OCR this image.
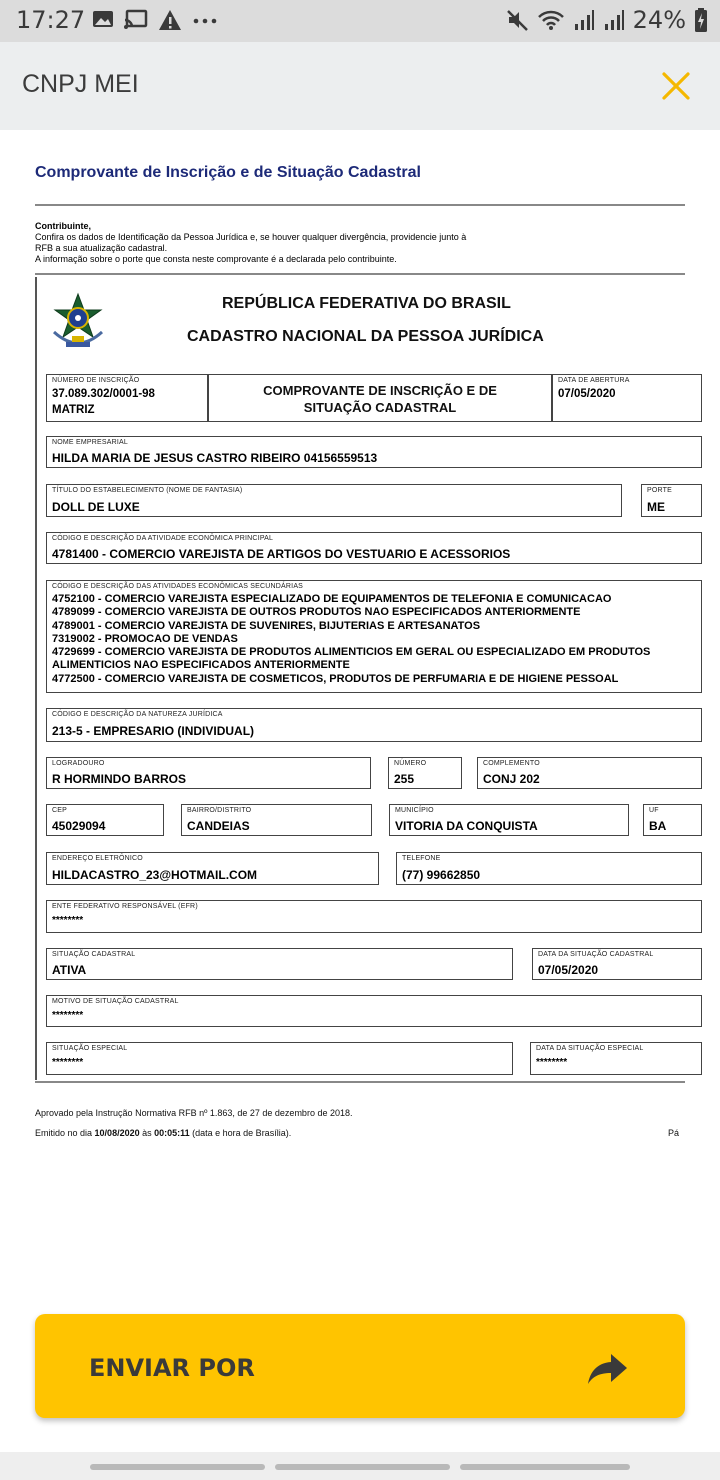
17:27	24%
CNPJ MEI
Comprovante de Inscrição e de Situação Cadastral
Contribuinte,
Confira os dados de Identificação da Pessoa Jurídica e, se houver qualquer divergência, providencie junto à
RFB a sua atualização cadastral.
A informação sobre o porte que consta neste comprovante é a declarada pelo contribuinte.
REPÚBLICA FEDERATIVA DO BRASIL
CADASTRO NACIONAL DA PESSOA JURÍDICA
NÚMERO DE INSCRIÇÃO
37.089.302/0001-98
MATRIZ
COMPROVANTE DE INSCRIÇÃO E DE
SITUAÇÃO CADASTRAL
DATA DE ABERTURA
07/05/2020
NOME EMPRESARIAL
HILDA MARIA DE JESUS CASTRO RIBEIRO 04156559513
TÍTULO DO ESTABELECIMENTO (NOME DE FANTASIA)
DOLL DE LUXE
PORTE
ME
CÓDIGO E DESCRIÇÃO DA ATIVIDADE ECONÔMICA PRINCIPAL
4781400 - COMERCIO VAREJISTA DE ARTIGOS DO VESTUARIO E ACESSORIOS
CÓDIGO E DESCRIÇÃO DAS ATIVIDADES ECONÔMICAS SECUNDÁRIAS
4752100 - COMERCIO VAREJISTA ESPECIALIZADO DE EQUIPAMENTOS DE TELEFONIA E COMUNICACAO
4789099 - COMERCIO VAREJISTA DE OUTROS PRODUTOS NAO ESPECIFICADOS ANTERIORMENTE
4789001 - COMERCIO VAREJISTA DE SUVENIRES, BIJUTERIAS E ARTESANATOS
7319002 - PROMOCAO DE VENDAS
4729699 - COMERCIO VAREJISTA DE PRODUTOS ALIMENTICIOS EM GERAL OU ESPECIALIZADO EM PRODUTOS
ALIMENTICIOS NAO ESPECIFICADOS ANTERIORMENTE
4772500 - COMERCIO VAREJISTA DE COSMETICOS, PRODUTOS DE PERFUMARIA E DE HIGIENE PESSOAL
CÓDIGO E DESCRIÇÃO DA NATUREZA JURÍDICA
213-5 - EMPRESARIO (INDIVIDUAL)
LOGRADOURO
R HORMINDO BARROS
NÚMERO
255
COMPLEMENTO
CONJ 202
CEP
45029094
BAIRRO/DISTRITO
CANDEIAS
MUNICÍPIO
VITORIA DA CONQUISTA
UF
BA
ENDEREÇO ELETRÔNICO
HILDACASTRO_23@HOTMAIL.COM
TELEFONE
(77) 99662850
ENTE FEDERATIVO RESPONSÁVEL (EFR)
********
SITUAÇÃO CADASTRAL
ATIVA
DATA DA SITUAÇÃO CADASTRAL
07/05/2020
MOTIVO DE SITUAÇÃO CADASTRAL
********
SITUAÇÃO ESPECIAL
********
DATA DA SITUAÇÃO ESPECIAL
********
Aprovado pela Instrução Normativa RFB nº 1.863, de 27 de dezembro de 2018.
Emitido no dia 10/08/2020 às 00:05:11 (data e hora de Brasília).	Pá
ENVIAR POR
